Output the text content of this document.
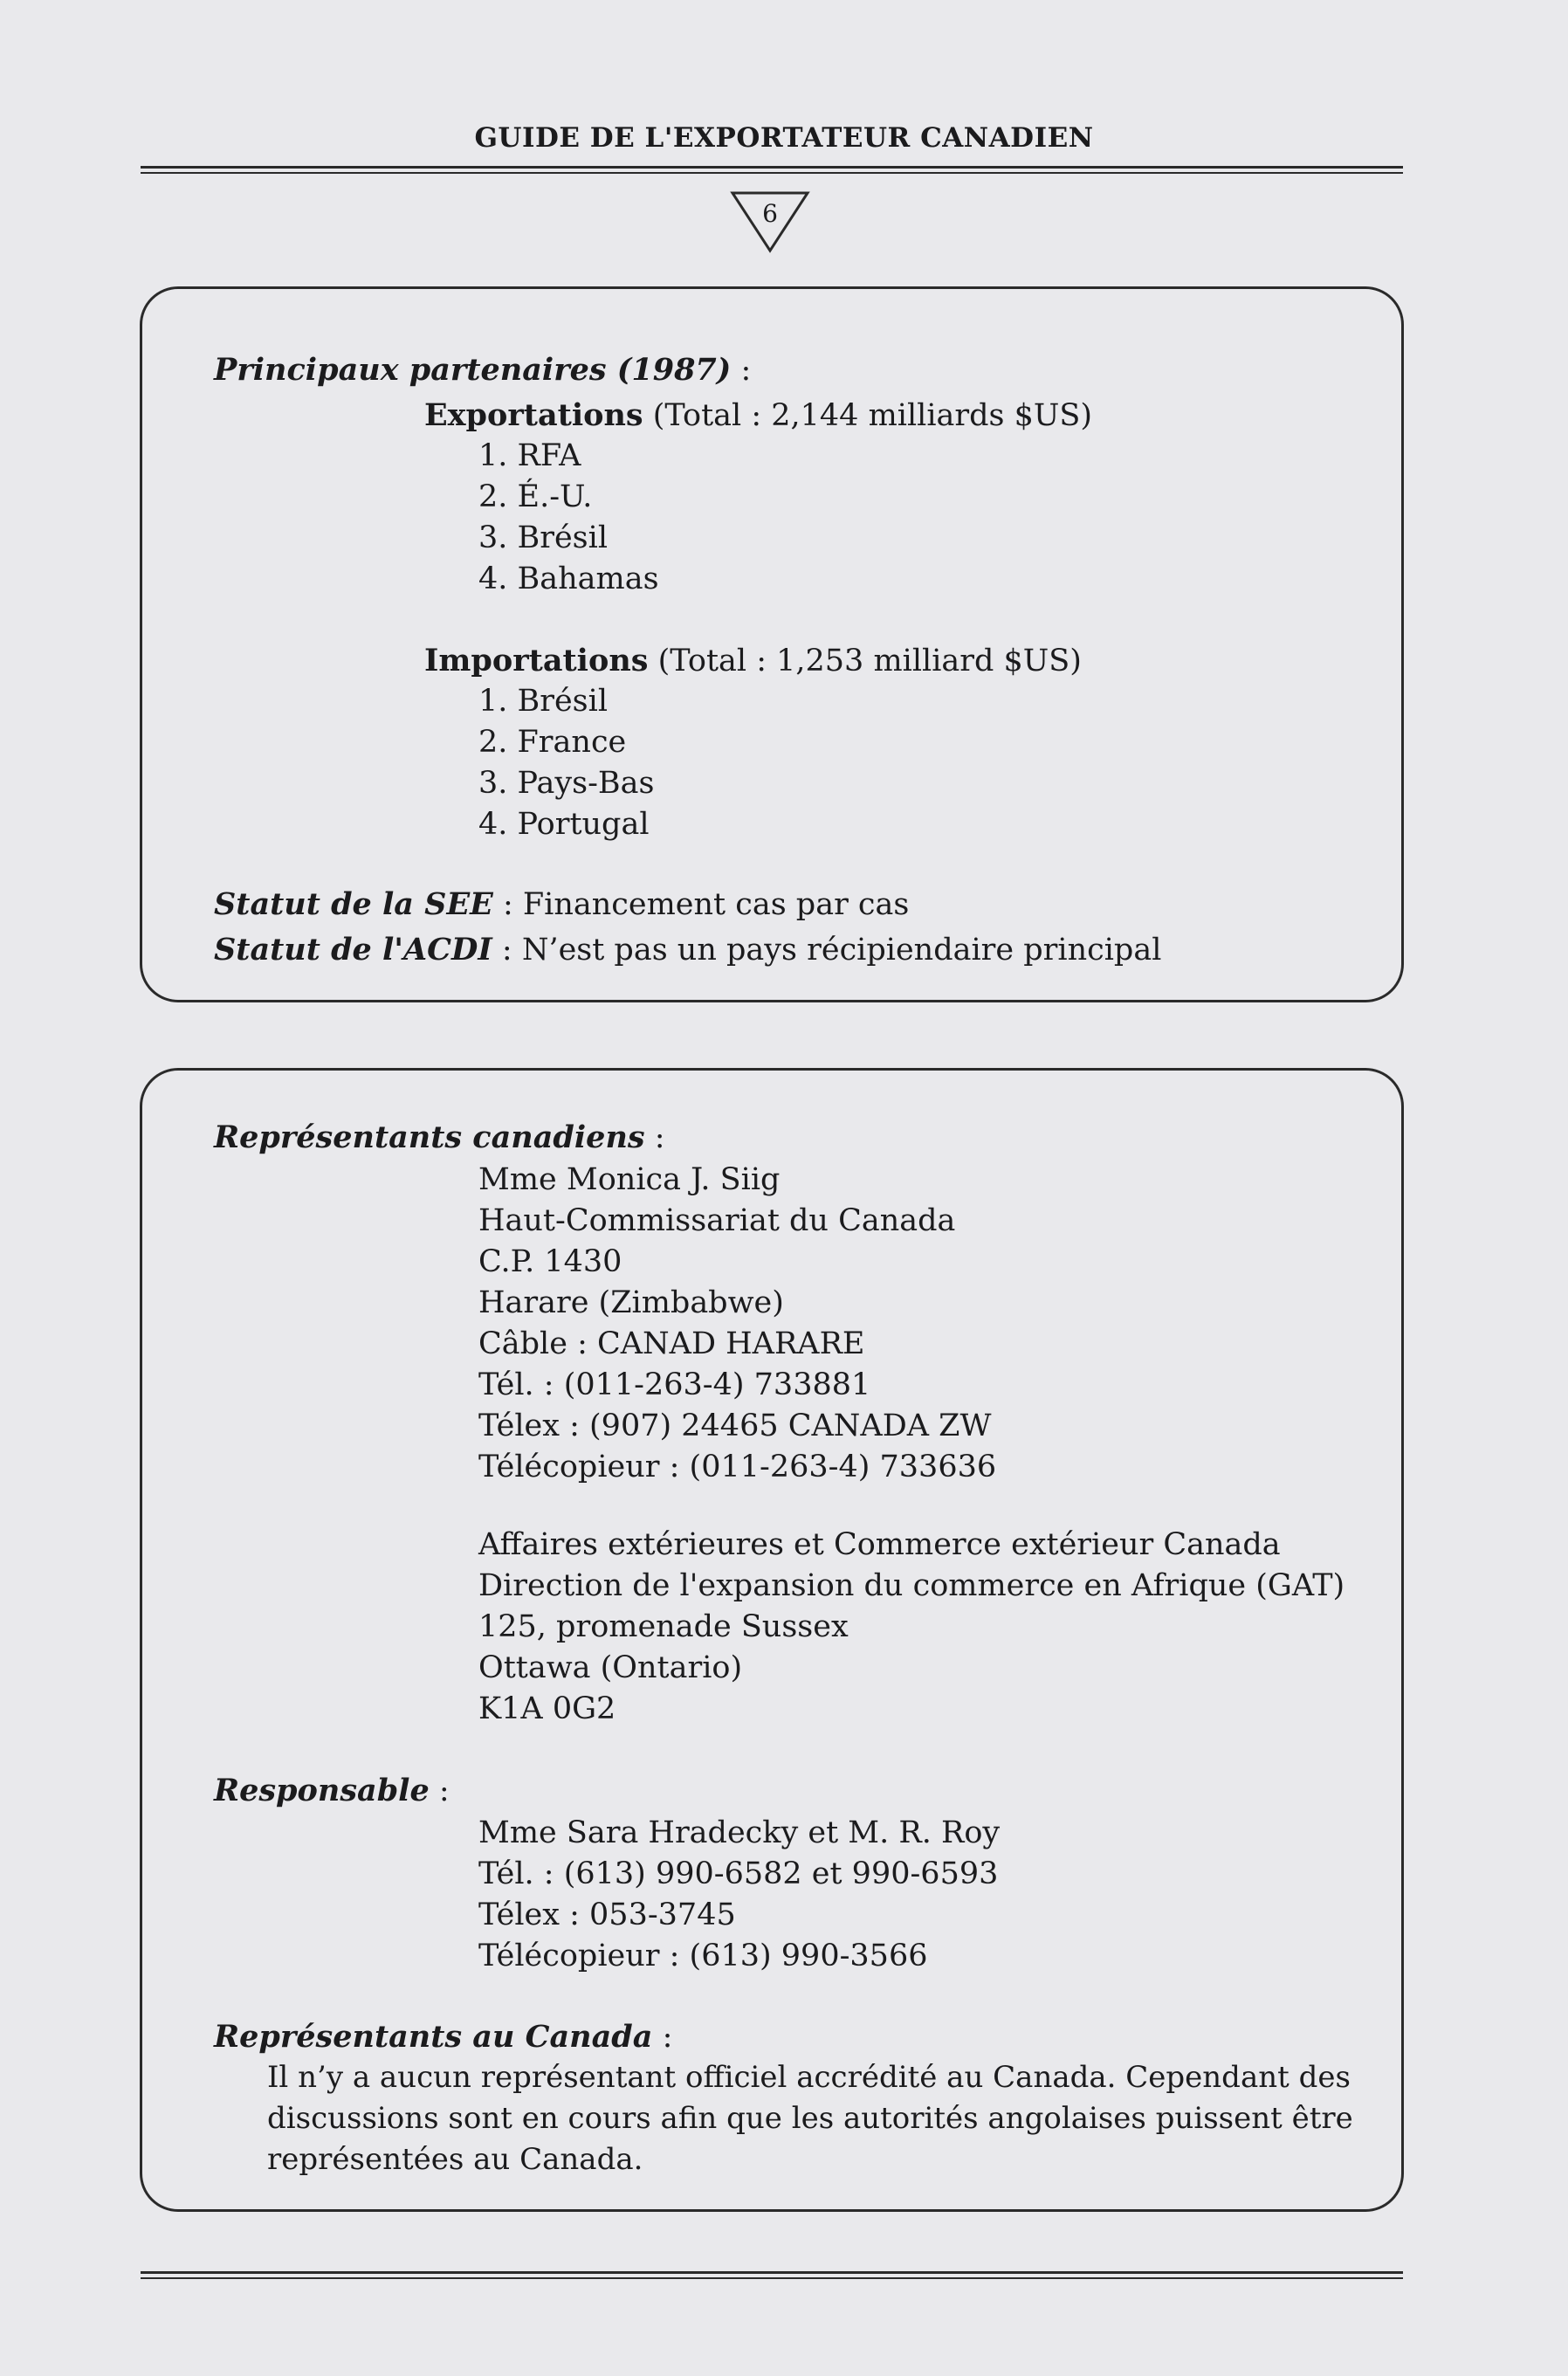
GUIDE DE L'EXPORTATEUR CANADIEN
6
Principaux partenaires (1987) :
Exportations (Total : 2,144 milliards $US)
1. RFA
2. É.-U.
3. Brésil
4. Bahamas
Importations (Total : 1,253 milliard $US)
1. Brésil
2. France
3. Pays-Bas
4. Portugal
Statut de la SEE : Financement cas par cas
Statut de l'ACDI : N’est pas un pays récipiendaire principal
Représentants canadiens :
Mme Monica J. Siig
Haut-Commissariat du Canada
C.P. 1430
Harare (Zimbabwe)
Câble : CANAD HARARE
Tél. : (011-263-4) 733881
Télex : (907) 24465 CANADA ZW
Télécopieur : (011-263-4) 733636
Affaires extérieures et Commerce extérieur Canada
Direction de l'expansion du commerce en Afrique (GAT)
125, promenade Sussex
Ottawa (Ontario)
K1A 0G2
Responsable :
Mme Sara Hradecky et M. R. Roy
Tél. : (613) 990-6582 et 990-6593
Télex : 053-3745
Télécopieur : (613) 990-3566
Représentants au Canada :
Il n’y a aucun représentant officiel accrédité au Canada. Cependant des
discussions sont en cours afin que les autorités angolaises puissent être
représentées au Canada.
